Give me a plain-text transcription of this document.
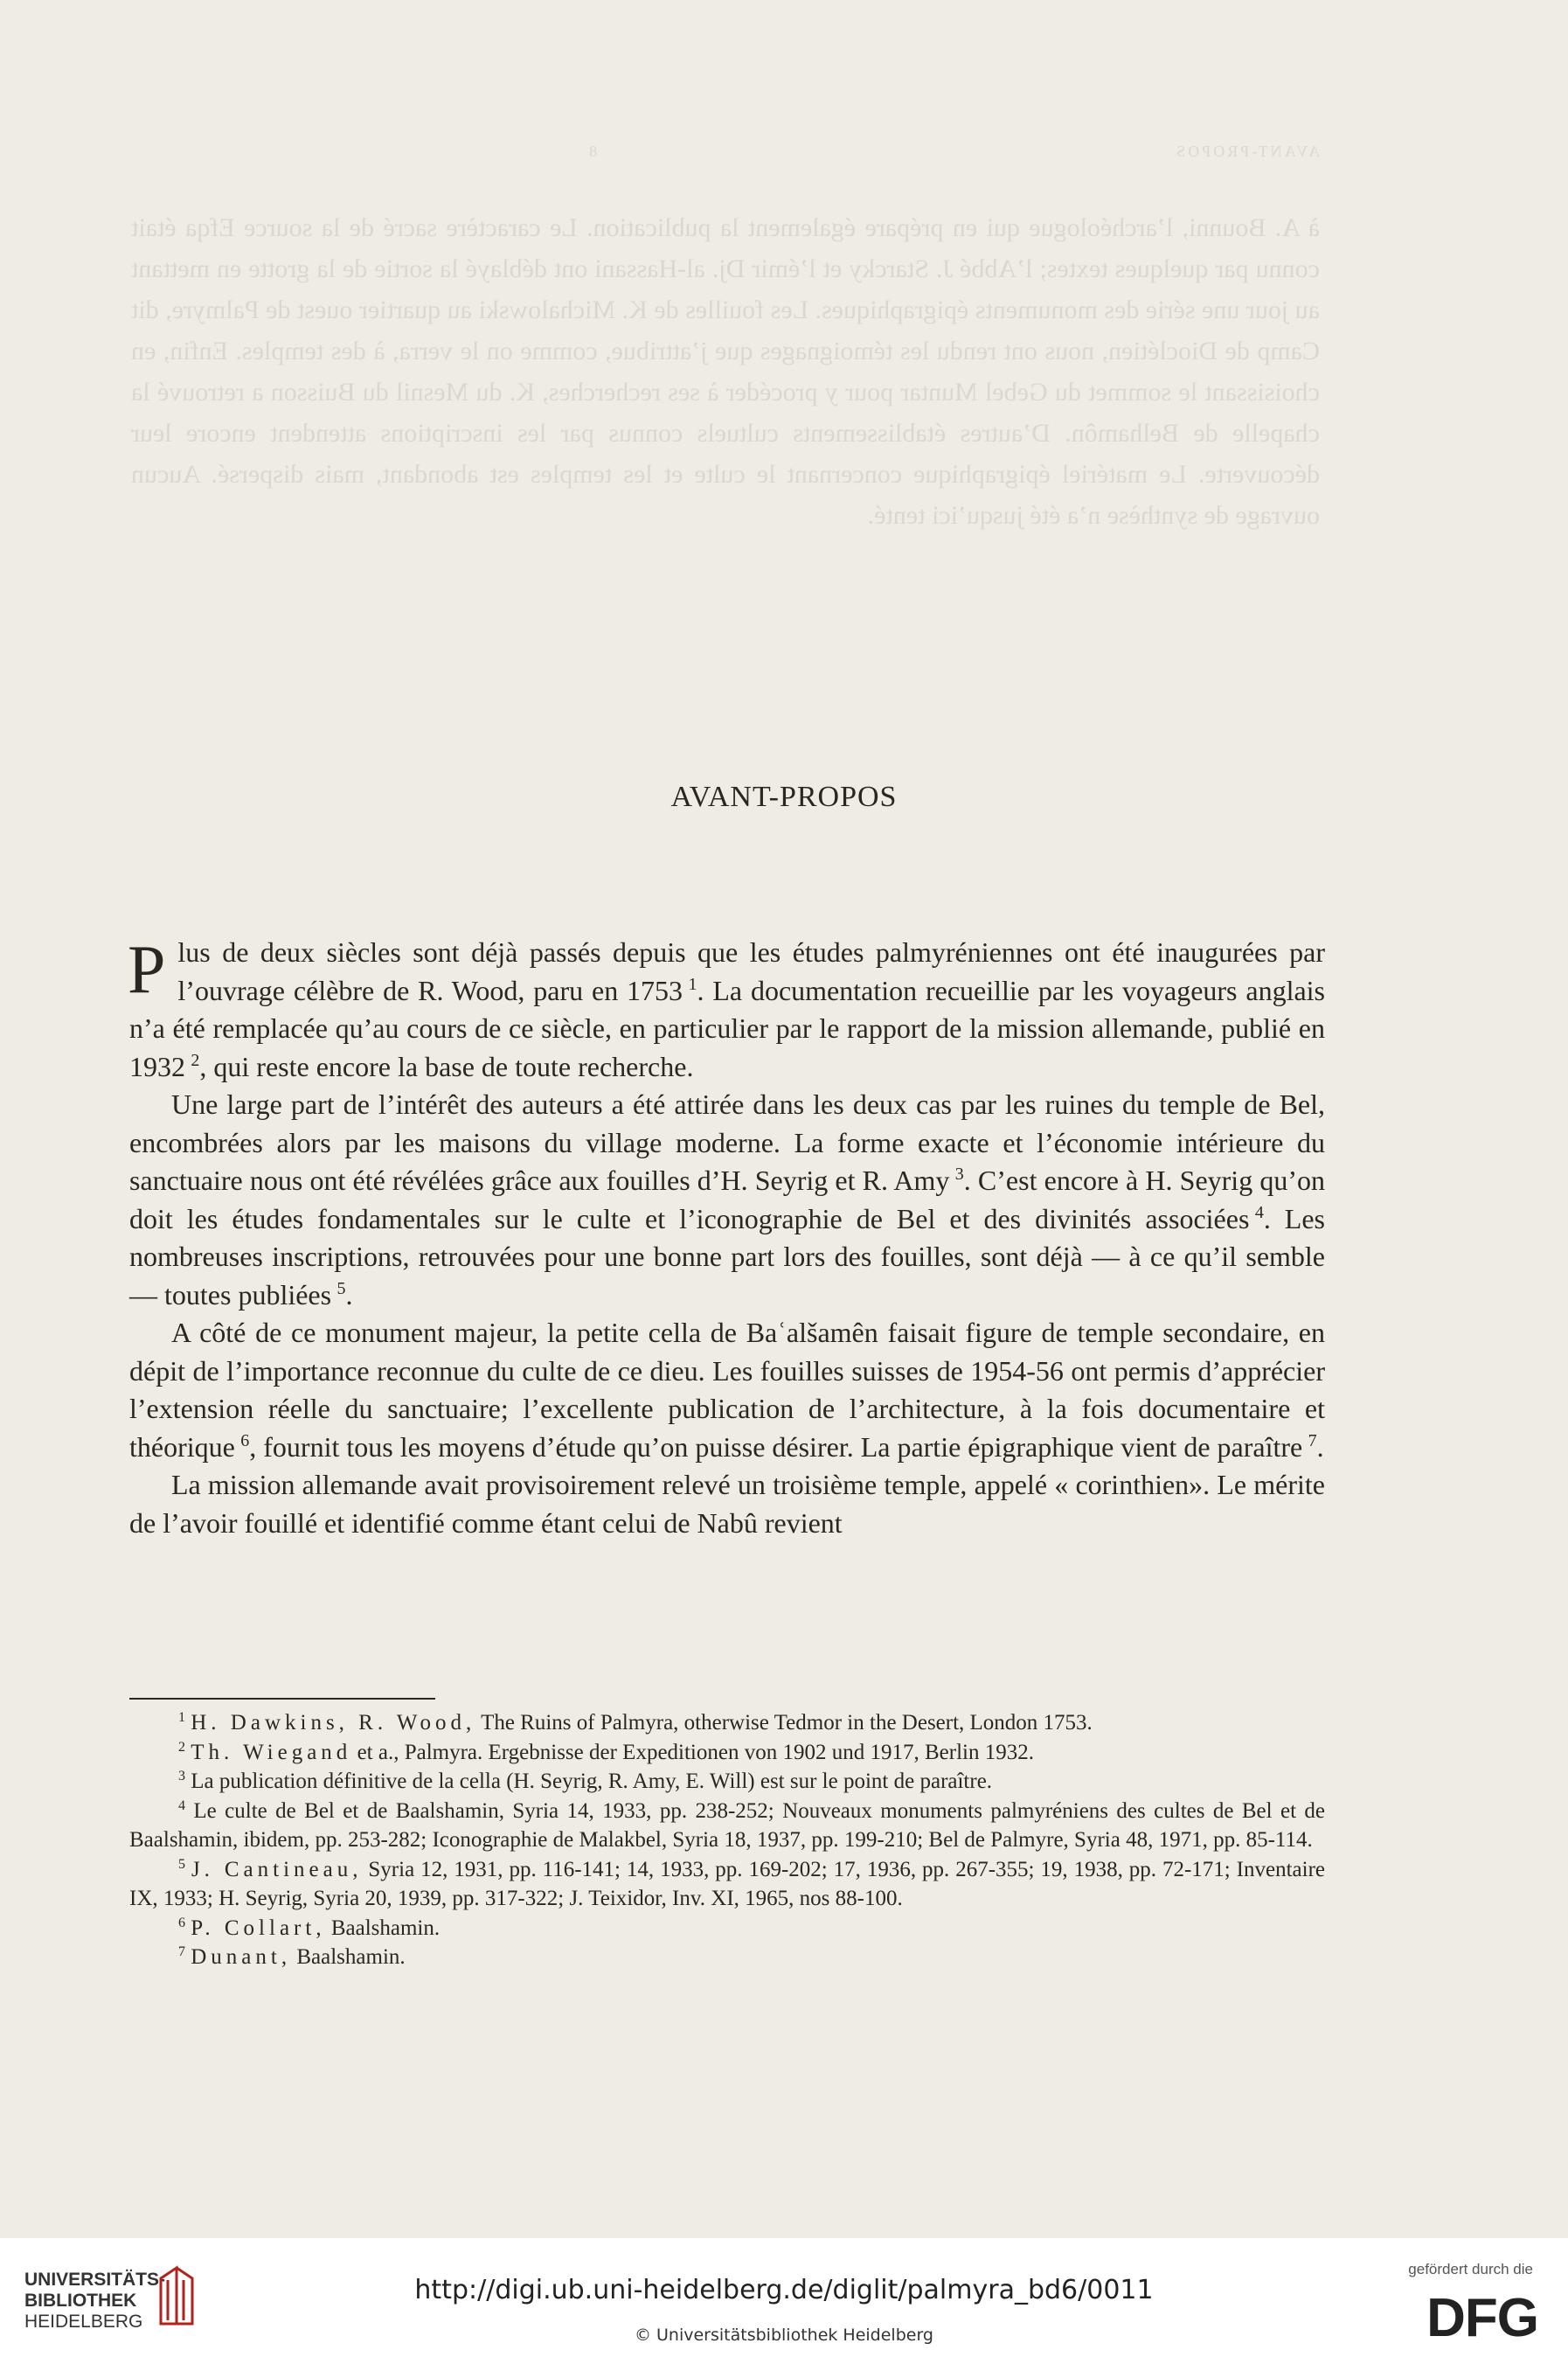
AVANT-PROPOS                                                                                        8
à A. Bounni, l’archéologue qui en prépare également la publication. Le caractère sacré de la source Efqa était connu par quelques textes; l’Abbé J. Starcky et l’émir Dj. al-Hassani ont déblayé la sortie de la grotte en mettant au jour une série des monuments épigraphiques. Les fouilles de K. Michalowski au quartier ouest de Palmyre, dit Camp de Dioclétien, nous ont rendu les témoignages que j’attribue, comme on le verra, à des temples. Enfin, en choisissant le sommet du Gebel Muntar pour y procéder à ses recherches, K. du Mesnil du Buisson a retrouvé la chapelle de Belhamôn. D’autres établissements cultuels connus par les inscriptions attendent encore leur découverte. Le matériel épigraphique concernant le culte et les temples est abondant, mais dispersé. Aucun ouvrage de synthèse n’a été jusqu’ici tenté.
AVANT-PROPOS

Plus de deux siècles sont déjà passés depuis que les études palmyréniennes ont été inaugurées par l’ouvrage célèbre de R. Wood, paru en 1753  $^1$. La documentation recueillie par les voyageurs anglais n’a été remplacée qu’au cours de ce siècle, en particulier par le rapport de la mission allemande, publié en 1932  $^2$, qui reste encore la base de toute recherche.

Une large part de l’intérêt des auteurs a été attirée dans les deux cas par les ruines du temple de Bel, encombrées alors par les maisons du village moderne. La forme exacte et l’économie intérieure du sanctuaire nous ont été révélées grâce aux fouilles d’H. Seyrig et R. Amy  $^3$. C’est encore à H. Seyrig qu’on doit les études fondamentales sur le culte et l’iconographie de Bel et des divinités associées  $^4$. Les nombreuses inscriptions, retrouvées pour une bonne part lors des fouilles, sont déjà — à ce qu’il semble — toutes publiées  $^5$.

A côté de ce monument majeur, la petite cella de Baʿalšamên faisait figure de temple secondaire, en dépit de l’importance reconnue du culte de ce dieu. Les fouilles suisses de 1954-56 ont permis d’apprécier l’extension réelle du sanctuaire; l’excellente publication de l’architecture, à la fois documentaire et théorique  $^6$, fournit tous les moyens d’étude qu’on puisse désirer. La partie épigraphique vient de paraître  $^7$.

La mission allemande avait provisoirement relevé un troisième temple, appelé « corinthien». Le mérite de l’avoir fouillé et identifié comme étant celui de Nabû revient

$^1$ H. Dawkins, R. Wood, The Ruins of Palmyra, otherwise Tedmor in the Desert, London 1753.
$^2$ Th. Wiegand et a., Palmyra. Ergebnisse der Expeditionen von 1902 und 1917, Berlin 1932.
$^3$ La publication définitive de la cella (H. Seyrig, R. Amy, E. Will) est sur le point de paraître.
$^4$ Le culte de Bel et de Baalshamin, Syria 14, 1933, pp. 238-252; Nouveaux monuments palmyréniens des cultes de Bel et de Baalshamin, ibidem, pp. 253-282; Iconographie de Malakbel, Syria 18, 1937, pp. 199-210; Bel de Palmyre, Syria 48, 1971, pp. 85-114.
$^5$ J. Cantineau, Syria 12, 1931, pp. 116-141; 14, 1933, pp. 169-202; 17, 1936, pp. 267-355; 19, 1938, pp. 72-171; Inventaire IX, 1933; H. Seyrig, Syria 20, 1939, pp. 317-322; J. Teixidor, Inv. XI, 1965, nos 88-100.
$^6$ P. Collart, Baalshamin.
$^7$ Dunant, Baalshamin.
UNIVERSITÄTS-
BIBLIOTHEK
HEIDELBERG
http://digi.ub.uni-heidelberg.de/diglit/palmyra_bd6/0011
© Universitätsbibliothek Heidelberg
gefördert durch die
DFG
